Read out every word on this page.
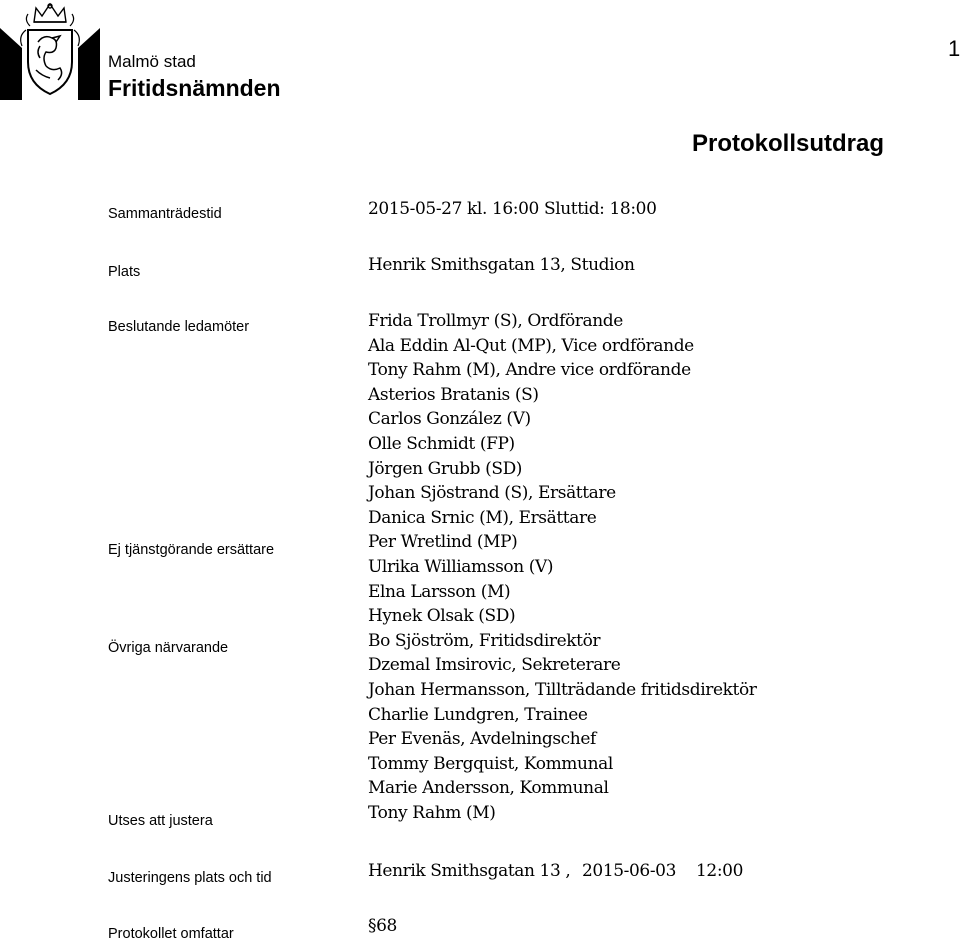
Malmö stad
Fritidsnämnden
1
Protokollsutdrag
Sammanträdestid
Plats
Beslutande ledamöter
Ej tjänstgörande ersättare
Övriga närvarande
Utses att justera
Justeringens plats och tid
Protokollet omfattar
2015-05-27 kl. 16:00 Sluttid: 18:00
Henrik Smithsgatan 13, Studion
Frida Trollmyr (S), Ordförande
Ala Eddin Al-Qut (MP), Vice ordförande
Tony Rahm (M), Andre vice ordförande
Asterios Bratanis (S)
Carlos González (V)
Olle Schmidt (FP)
Jörgen Grubb (SD)
Johan Sjöstrand (S), Ersättare
Danica Srnic (M), Ersättare
Per Wretlind (MP)
Ulrika Williamsson (V)
Elna Larsson (M)
Hynek Olsak (SD)
Bo Sjöström, Fritidsdirektör
Dzemal Imsirovic, Sekreterare
Johan Hermansson, Tillträdande fritidsdirektör
Charlie Lundgren, Trainee
Per Evenäs, Avdelningschef
Tommy Bergquist, Kommunal
Marie Andersson, Kommunal
Tony Rahm (M)
Henrik Smithsgatan 13 , 2015-06-03 12:00
§68
